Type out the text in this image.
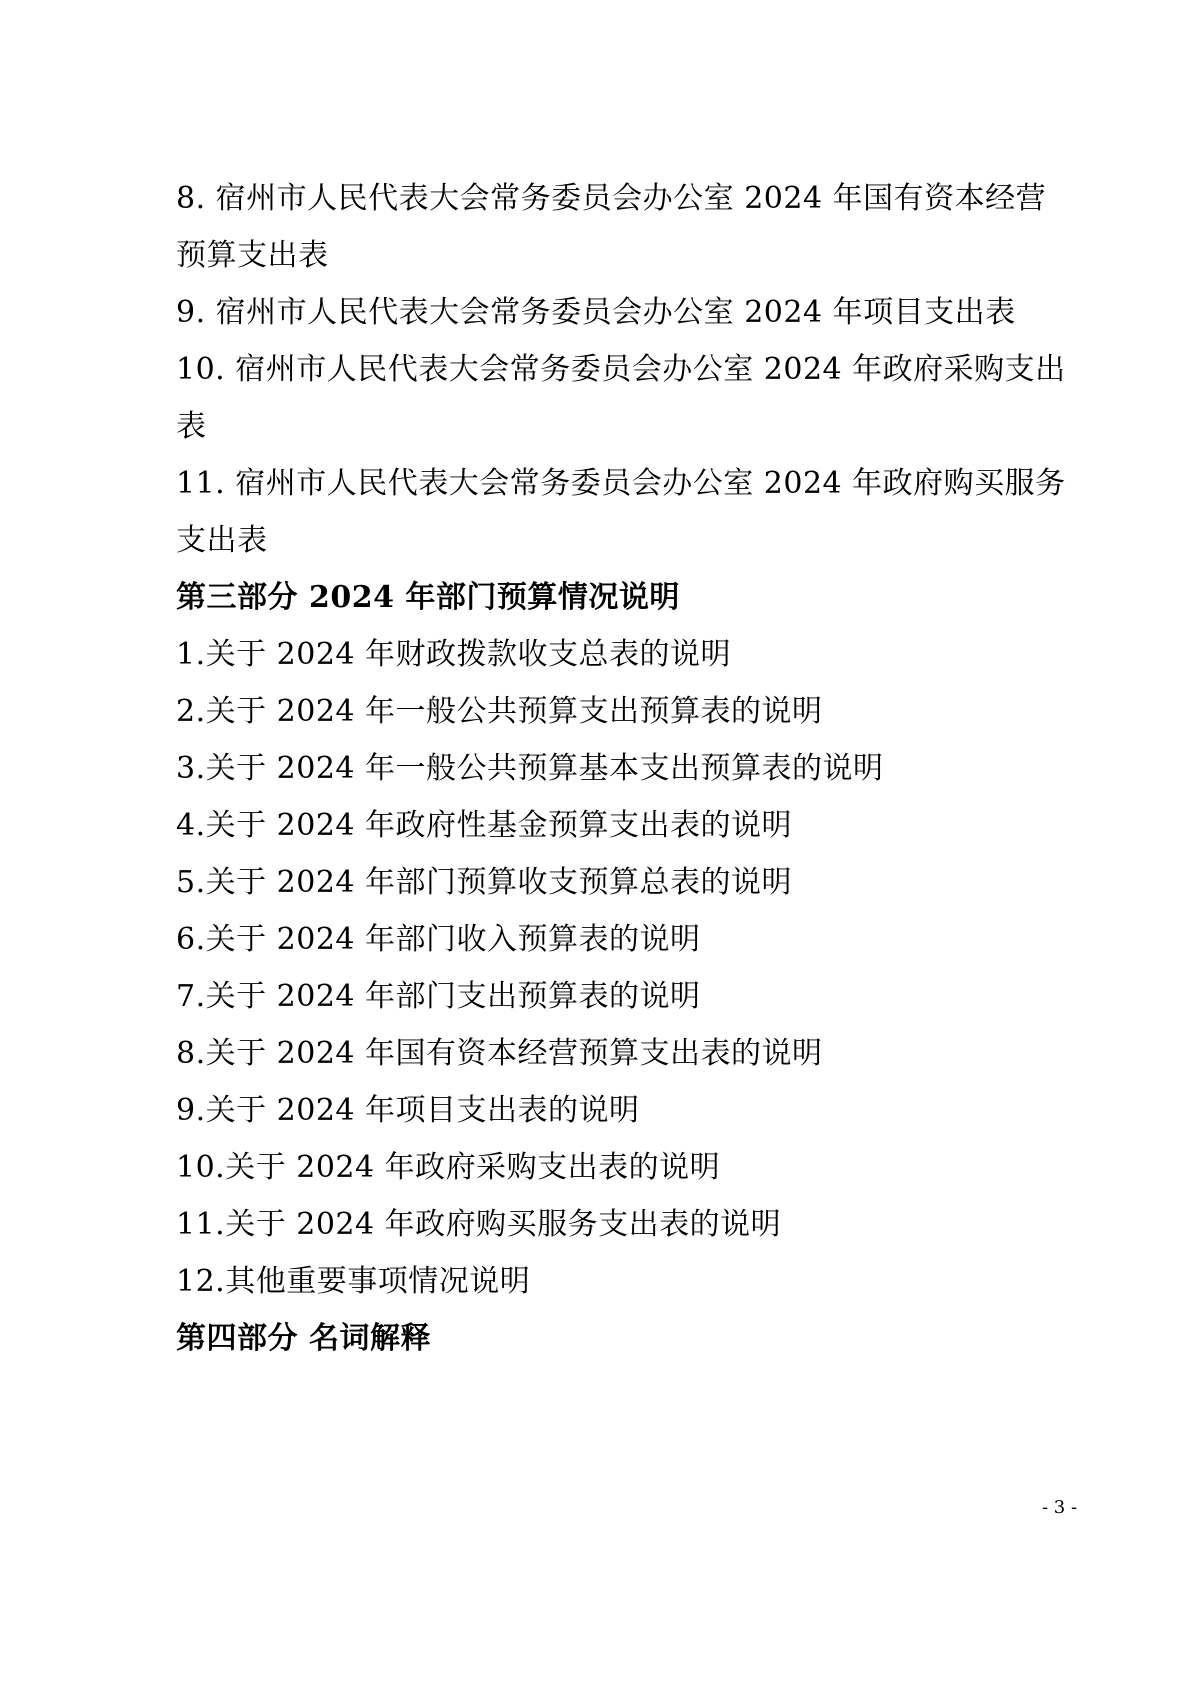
8. 宿州市人民代表大会常务委员会办公室 2024 年国有资本经营
预算支出表
9. 宿州市人民代表大会常务委员会办公室 2024 年项目支出表
10. 宿州市人民代表大会常务委员会办公室 2024 年政府采购支出
表
11. 宿州市人民代表大会常务委员会办公室 2024 年政府购买服务
支出表
第三部分 2024 年部门预算情况说明
1.关于 2024 年财政拨款收支总表的说明
2.关于 2024 年一般公共预算支出预算表的说明
3.关于 2024 年一般公共预算基本支出预算表的说明
4.关于 2024 年政府性基金预算支出表的说明
5.关于 2024 年部门预算收支预算总表的说明
6.关于 2024 年部门收入预算表的说明
7.关于 2024 年部门支出预算表的说明
8.关于 2024 年国有资本经营预算支出表的说明
9.关于 2024 年项目支出表的说明
10.关于 2024 年政府采购支出表的说明
11.关于 2024 年政府购买服务支出表的说明
12.其他重要事项情况说明
第四部分 名词解释
- 3 -
